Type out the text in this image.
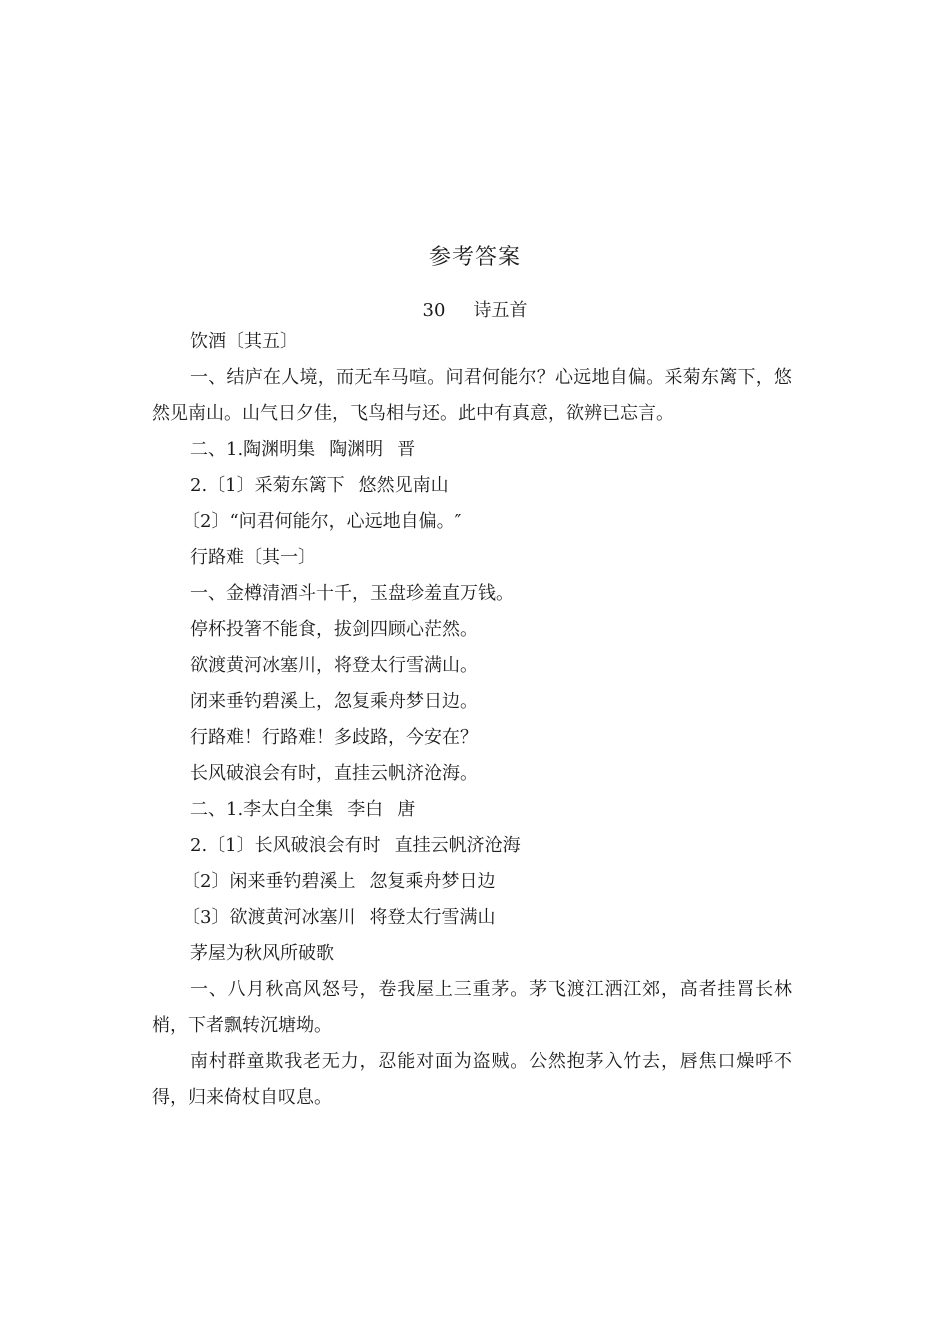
参考答案
30 诗五首
饮酒〔其五〕
一、结庐在人境，而无车马喧。问君何能尔？心远地自偏。采菊东篱下，悠然见南山。山气日夕佳，飞鸟相与还。此中有真意，欲辨已忘言。
二、1.陶渊明集 陶渊明 晋
2.〔1〕采菊东篱下 悠然见南山
〔2〕“问君何能尔，心远地自偏。″
行路难〔其一〕
一、金樽清酒斗十千，玉盘珍羞直万钱。
停杯投箸不能食，拔剑四顾心茫然。
欲渡黄河冰塞川，将登太行雪满山。
闭来垂钓碧溪上，忽复乘舟梦日边。
行路难！行路难！多歧路，今安在？
长风破浪会有时，直挂云帆济沧海。
二、1.李太白全集 李白 唐
2.〔1〕长风破浪会有时 直挂云帆济沧海
〔2〕闲来垂钓碧溪上 忽复乘舟梦日边
〔3〕欲渡黄河冰塞川 将登太行雪满山
茅屋为秋风所破歌
一、八月秋高风怒号，卷我屋上三重茅。茅飞渡江洒江郊，高者挂罥长林梢，下者飘转沉塘坳。
南村群童欺我老无力，忍能对面为盗贼。公然抱茅入竹去，唇焦口燥呼不得，归来倚杖自叹息。
